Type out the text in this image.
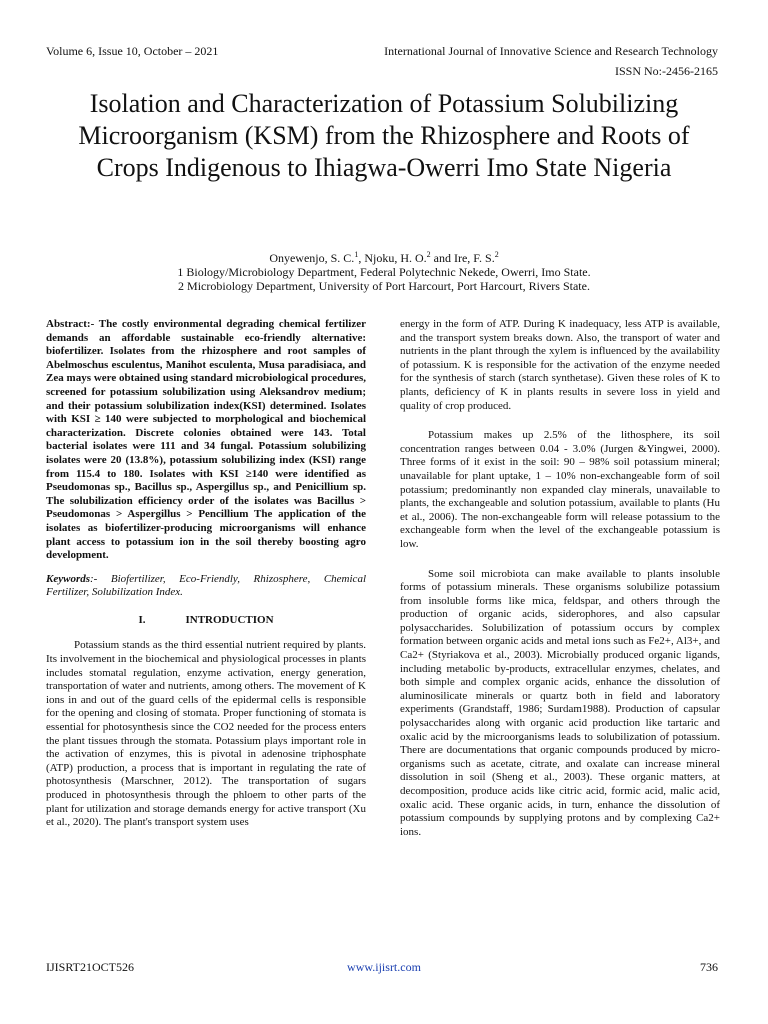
Volume 6, Issue 10, October – 2021	International Journal of Innovative Science and Research Technology
ISSN No:-2456-2165
Isolation and Characterization of Potassium Solubilizing Microorganism (KSM) from the Rhizosphere and Roots of Crops Indigenous to Ihiagwa-Owerri Imo State Nigeria
Onyewenjo, S. C.$^1$, Njoku, H. O.$^2$ and Ire, F. S.$^2$
1 Biology/Microbiology Department, Federal Polytechnic Nekede, Owerri, Imo State.
2 Microbiology Department, University of Port Harcourt, Port Harcourt, Rivers State.

Abstract:- The costly environmental degrading chemical fertilizer demands an affordable sustainable eco-friendly alternative: biofertilizer. Isolates from the rhizosphere and root samples of Abelmoschus esculentus, Manihot esculenta, Musa paradisiaca, and Zea mays were obtained using standard microbiological procedures, screened for potassium solubilization using Aleksandrov medium; and their potassium solubilization index(KSI) determined. Isolates with KSI ≥ 140 were subjected to morphological and biochemical characterization. Discrete colonies obtained were 143. Total bacterial isolates were 111 and 34 fungal. Potassium solubilizing isolates were 20 (13.8%), potassium solubilizing index (KSI) range from 115.4 to 180. Isolates with KSI ≥140 were identified as Pseudomonas sp., Bacillus sp., Aspergillus sp., and Penicillium sp. The solubilization efficiency order of the isolates was Bacillus > Pseudomonas > Aspergillus > Pencillium The application of the isolates as biofertilizer-producing microorganisms will enhance plant access to potassium ion in the soil thereby boosting agro development.

Keywords:- Biofertilizer, Eco-Friendly, Rhizosphere, Chemical Fertilizer, Solubilization Index.

I.	INTRODUCTION

Potassium stands as the third essential nutrient required by plants. Its involvement in the biochemical and physiological processes in plants includes stomatal regulation, enzyme activation, energy generation, transportation of water and nutrients, among others. The movement of K ions in and out of the guard cells of the epidermal cells is responsible for the opening and closing of stomata. Proper functioning of stomata is essential for photosynthesis since the CO2 needed for the process enters the plant tissues through the stomata. Potassium plays important role in the activation of enzymes, this is pivotal in adenosine triphosphate (ATP) production, a process that is important in regulating the rate of photosynthesis (Marschner, 2012). The transportation of sugars produced in photosynthesis through the phloem to other parts of the plant for utilization and storage demands energy for active transport (Xu et al., 2020). The plant's transport system uses

energy in the form of ATP. During K inadequacy, less ATP is available, and the transport system breaks down. Also, the transport of water and nutrients in the plant through the xylem is influenced by the availability of potassium. K is responsible for the activation of the enzyme needed for the synthesis of starch (starch synthetase). Given these roles of K to plants, deficiency of K in plants results in severe loss in yield and quality of crop produced.

Potassium makes up 2.5% of the lithosphere, its soil concentration ranges between 0.04 - 3.0% (Jurgen &Yingwei, 2000). Three forms of it exist in the soil: 90 – 98% soil potassium mineral; unavailable for plant uptake, 1 – 10% non-exchangeable form of soil potassium; predominantly non expanded clay minerals, unavailable to plants, the exchangeable and solution potassium, available to plants (Hu et al., 2006). The non-exchangeable form will release potassium to the exchangeable form when the level of the exchangeable potassium is low.

Some soil microbiota can make available to plants insoluble forms of potassium minerals. These organisms solubilize potassium from insoluble forms like mica, feldspar, and others through the production of organic acids, siderophores, and also capsular polysaccharides. Solubilization of potassium occurs by complex formation between organic acids and metal ions such as Fe2+, Al3+, and Ca2+ (Styriakova et al., 2003). Microbially produced organic ligands, including metabolic by-products, extracellular enzymes, chelates, and both simple and complex organic acids, enhance the dissolution of aluminosilicate minerals or quartz both in field and laboratory experiments (Grandstaff, 1986; Surdam1988). Production of capsular polysaccharides along with organic acid production like tartaric and oxalic acid by the microorganisms leads to solubilization of potassium. There are documentations that organic compounds produced by micro-organisms such as acetate, citrate, and oxalate can increase mineral dissolution in soil (Sheng et al., 2003). These organic matters, at decomposition, produce acids like citric acid, formic acid, malic acid, oxalic acid. These organic acids, in turn, enhance the dissolution of potassium compounds by supplying protons and by complexing Ca2+ ions.

IJISRT21OCT526	www.ijisrt.com	736
